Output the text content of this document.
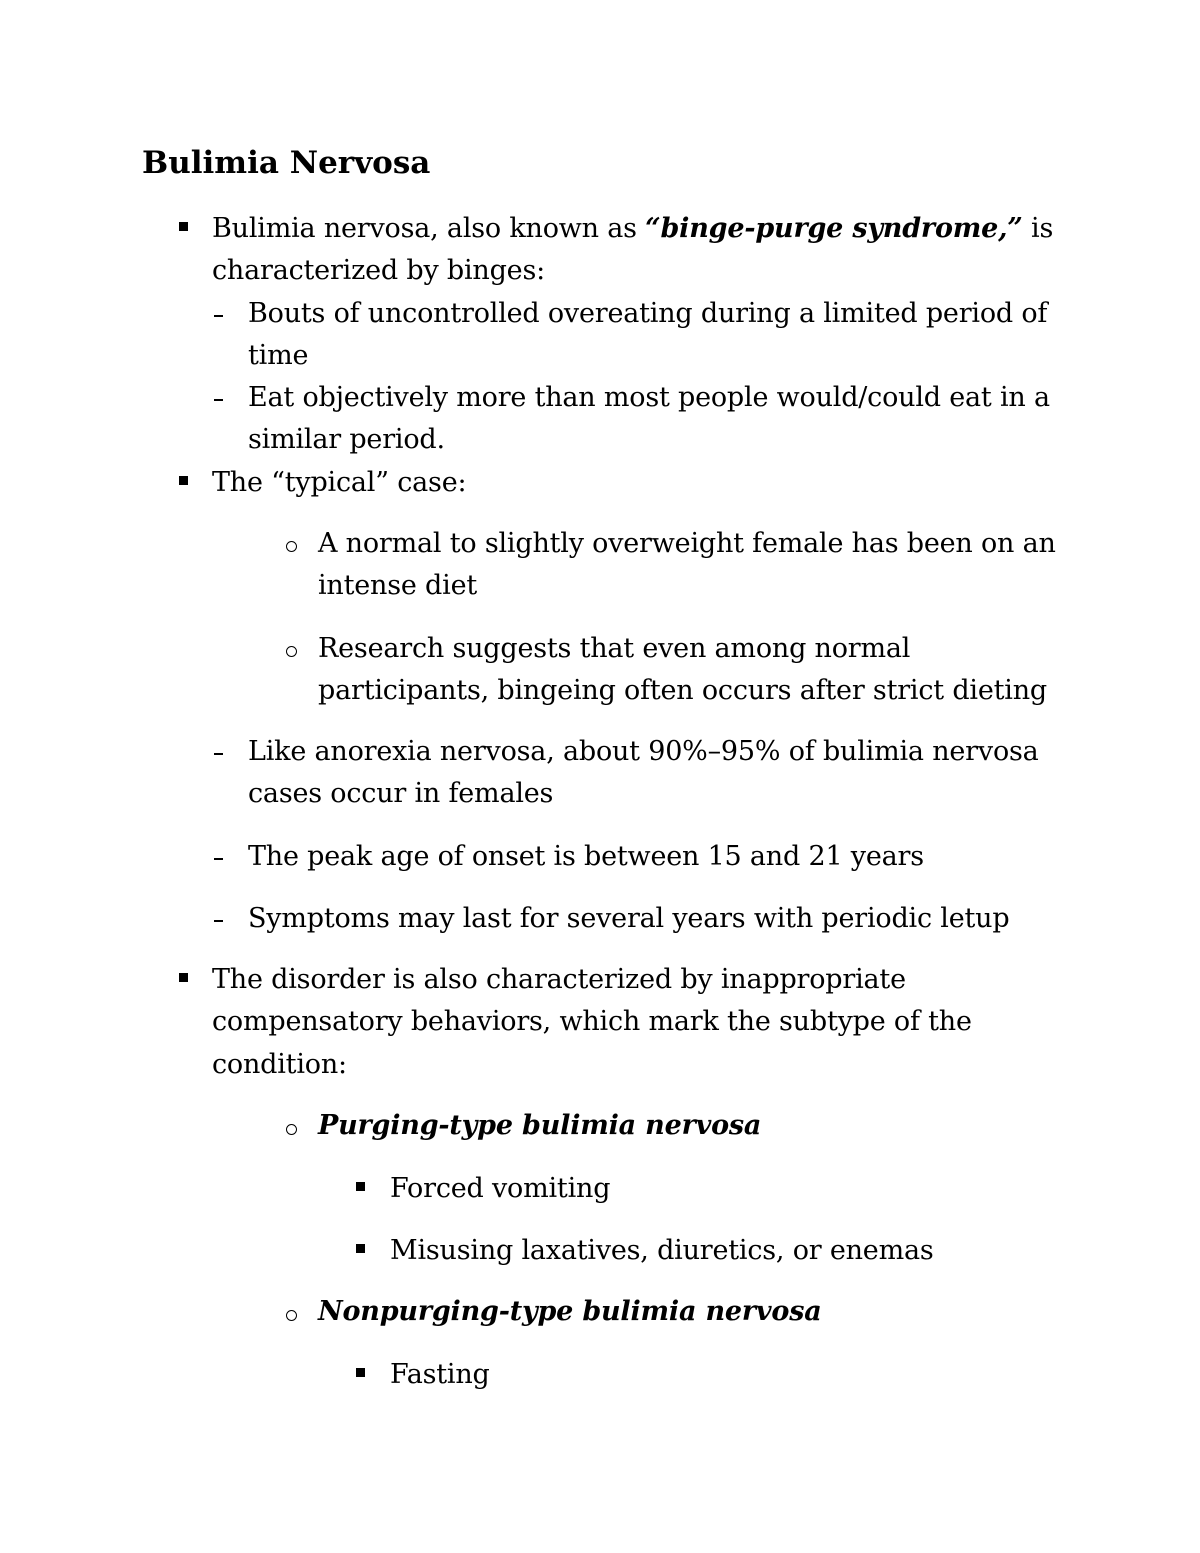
Bulimia Nervosa
Bulimia nervosa, also known as “binge-purge syndrome,” is
characterized by binges:
Bouts of uncontrolled overeating during a limited period of
time
Eat objectively more than most people would/could eat in a
similar period.
The “typical” case:
A normal to slightly overweight female has been on an
intense diet
Research suggests that even among normal
participants, bingeing often occurs after strict dieting
Like anorexia nervosa, about 90%–95% of bulimia nervosa
cases occur in females
The peak age of onset is between 15 and 21 years
Symptoms may last for several years with periodic letup
The disorder is also characterized by inappropriate
compensatory behaviors, which mark the subtype of the
condition:
Purging-type bulimia nervosa
Forced vomiting
Misusing laxatives, diuretics, or enemas
Nonpurging-type bulimia nervosa
Fasting
